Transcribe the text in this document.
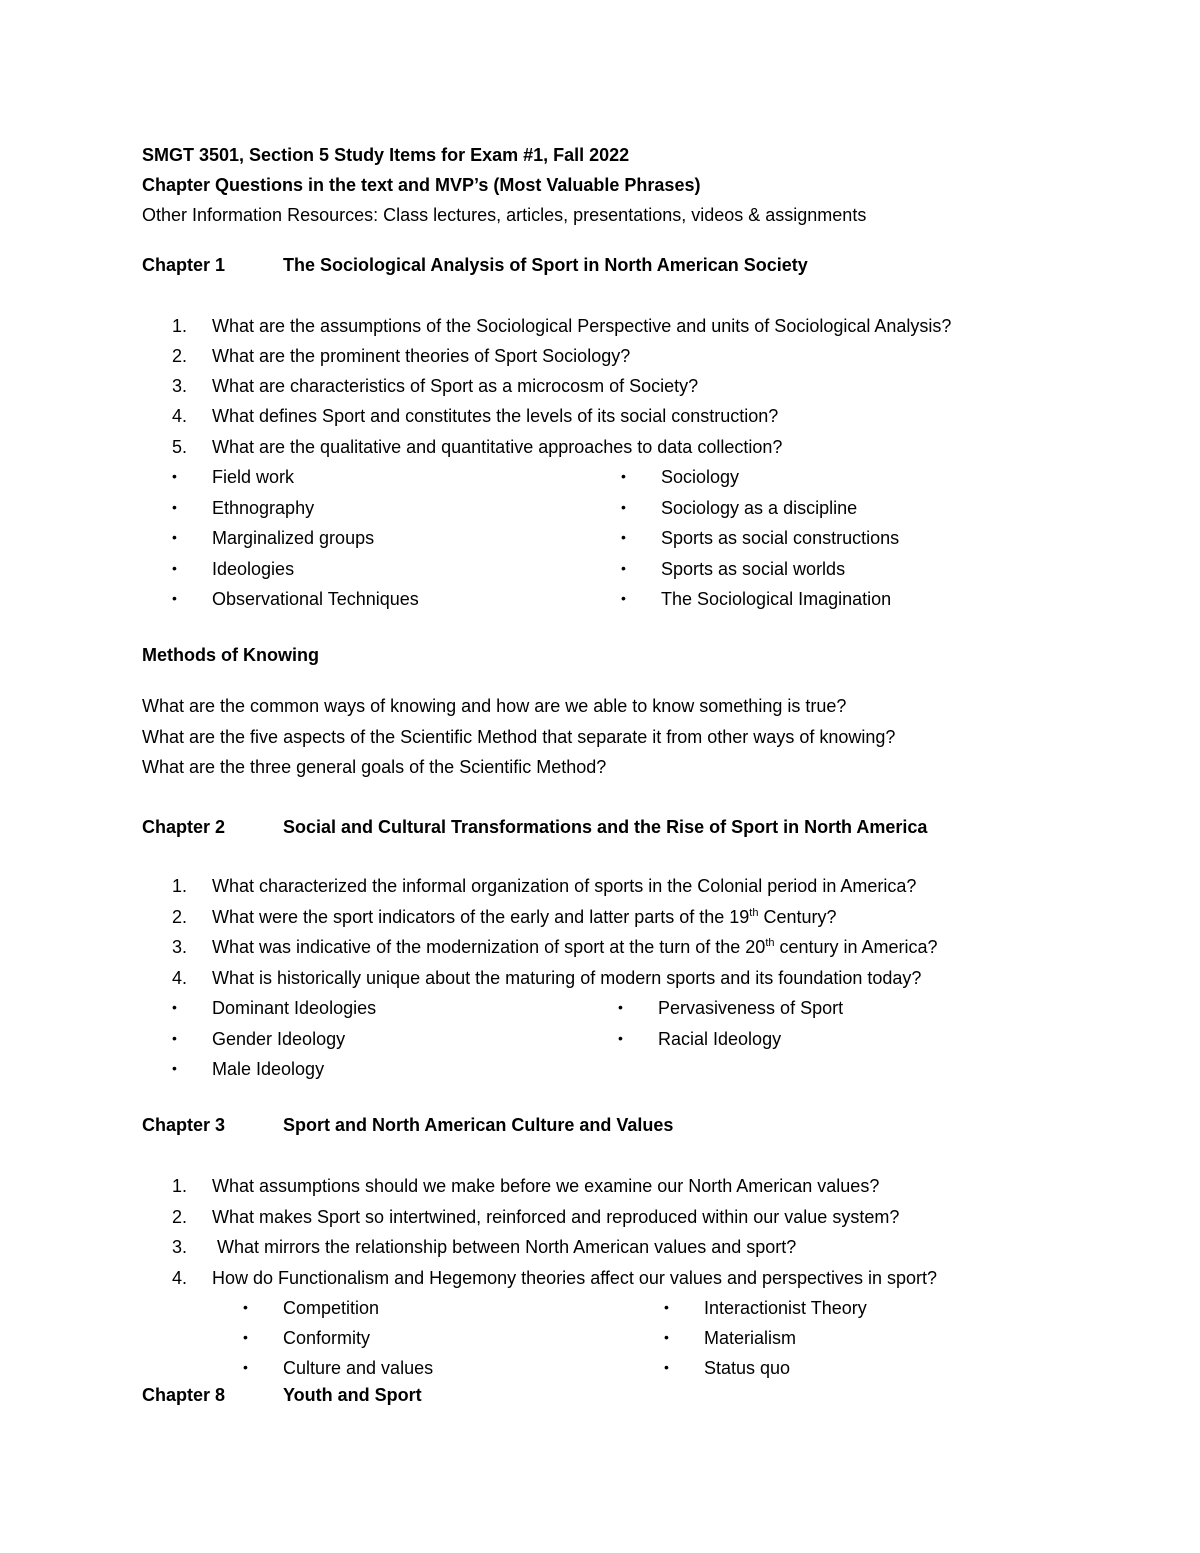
SMGT 3501, Section 5 Study Items for Exam #1, Fall 2022
Chapter Questions in the text and MVP’s (Most Valuable Phrases)
Other Information Resources: Class lectures, articles, presentations, videos & assignments
Chapter 1	The Sociological Analysis of Sport in North American Society
1. What are the assumptions of the Sociological Perspective and units of Sociological Analysis?
2. What are the prominent theories of Sport Sociology?
3. What are characteristics of Sport as a microcosm of Society?
4. What defines Sport and constitutes the levels of its social construction?
5. What are the qualitative and quantitative approaches to data collection?
• Field work
• Ethnography
• Marginalized groups
• Ideologies
• Observational Techniques
• Sociology
• Sociology as a discipline
• Sports as social constructions
• Sports as social worlds
• The Sociological Imagination
Methods of Knowing
What are the common ways of knowing and how are we able to know something is true?
What are the five aspects of the Scientific Method that separate it from other ways of knowing?
What are the three general goals of the Scientific Method?
Chapter 2	Social and Cultural Transformations and the Rise of Sport in North America
1. What characterized the informal organization of sports in the Colonial period in America?
2. What were the sport indicators of the early and latter parts of the 19th Century?
3. What was indicative of the modernization of sport at the turn of the 20th century in America?
4. What is historically unique about the maturing of modern sports and its foundation today?
• Dominant Ideologies
• Gender Ideology
• Male Ideology
• Pervasiveness of Sport
• Racial Ideology
Chapter 3	Sport and North American Culture and Values
1. What assumptions should we make before we examine our North American values?
2. What makes Sport so intertwined, reinforced and reproduced within our value system?
3. What mirrors the relationship between North American values and sport?
4. How do Functionalism and Hegemony theories affect our values and perspectives in sport?
• Competition
• Conformity
• Culture and values
• Interactionist Theory
• Materialism
• Status quo
Chapter 8	Youth and Sport
